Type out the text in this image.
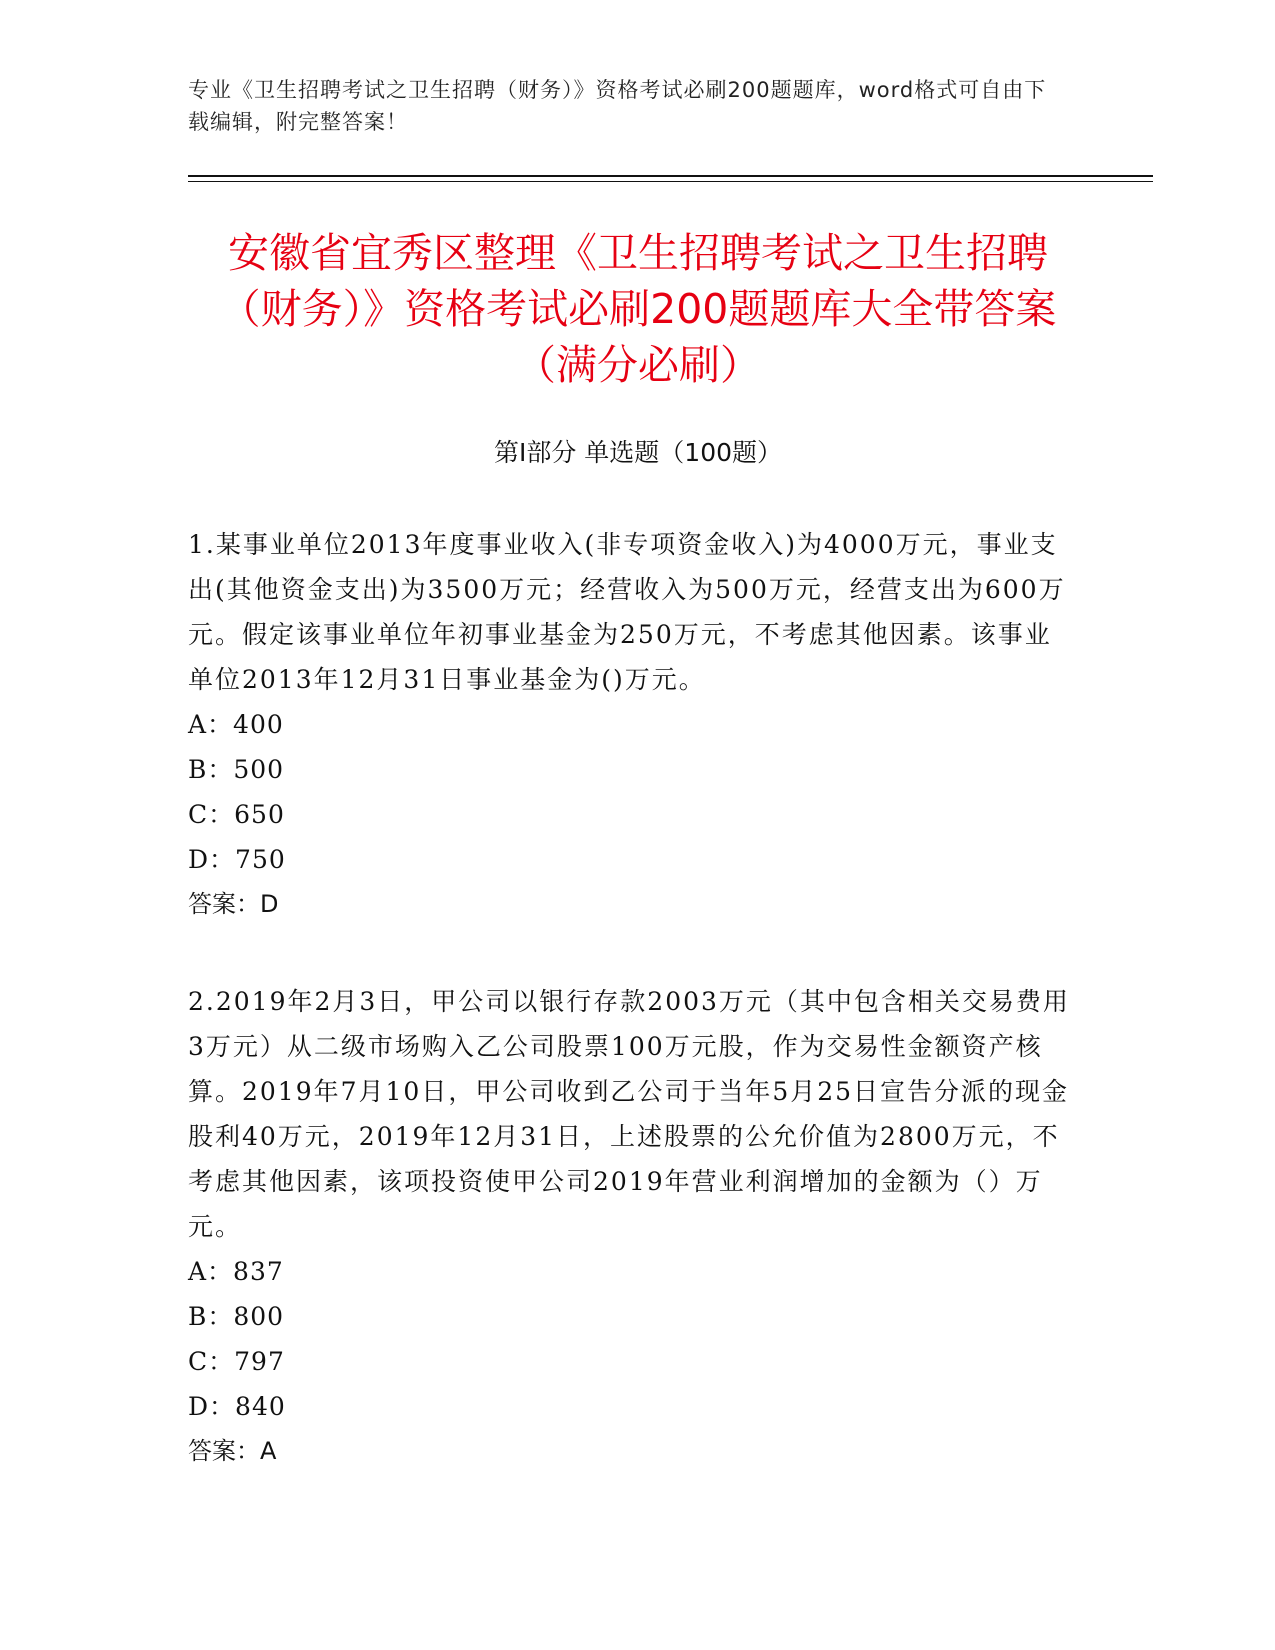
专业《卫生招聘考试之卫生招聘（财务）》资格考试必刷200题题库，word格式可自由下载编辑，附完整答案！
安徽省宜秀区整理《卫生招聘考试之卫生招聘（财务）》资格考试必刷200题题库大全带答案（满分必刷）
第Ⅰ部分 单选题（100题）

1.某事业单位2013年度事业收入(非专项资金收入)为4000万元，事业支出(其他资金支出)为3500万元；经营收入为500万元，经营支出为600万元。假定该事业单位年初事业基金为250万元，不考虑其他因素。该事业单位2013年12月31日事业基金为()万元。

A：400

B：500

C：650

D：750

答案：D

2.2019年2月3日，甲公司以银行存款2003万元（其中包含相关交易费用3万元）从二级市场购入乙公司股票100万元股，作为交易性金额资产核算。2019年7月10日，甲公司收到乙公司于当年5月25日宣告分派的现金股利40万元，2019年12月31日，上述股票的公允价值为2800万元，不考虑其他因素，该项投资使甲公司2019年营业利润增加的金额为（）万元。

A：837

B：800

C：797

D：840

答案：A
